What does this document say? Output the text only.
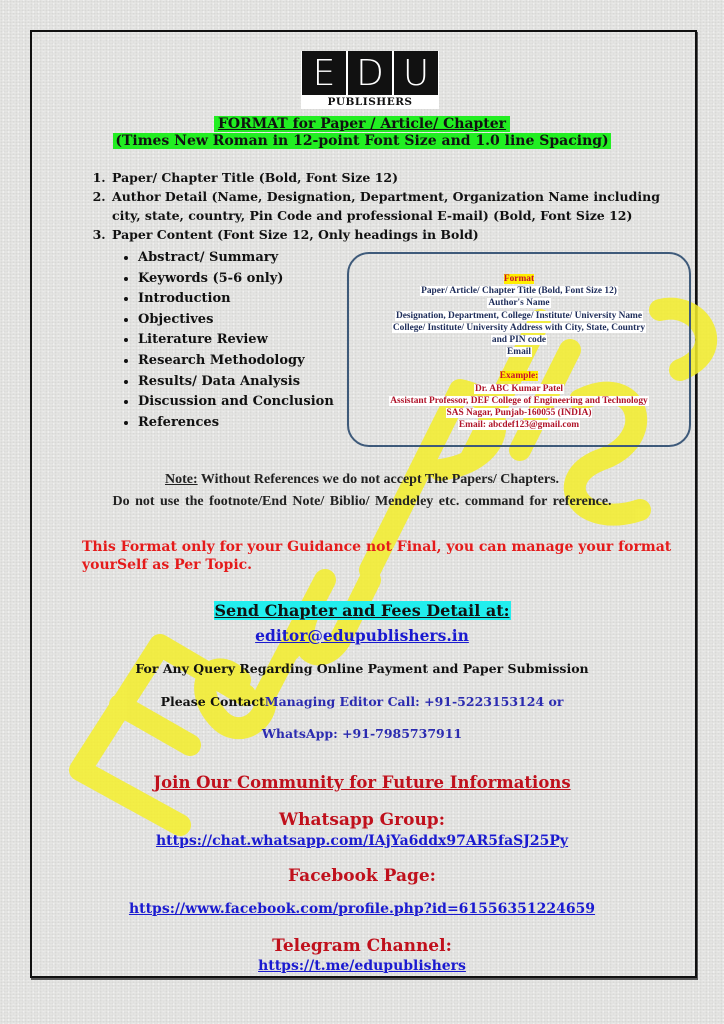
E D U
PUBLISHERS
FORMAT for Paper / Article/ Chapter
(Times New Roman in 12-point Font Size and 1.0 line Spacing)
1. Paper/ Chapter Title (Bold, Font Size 12)
2. Author Detail (Name, Designation, Department, Organization Name including city, state, country, Pin Code and professional E-mail) (Bold, Font Size 12)
3. Paper Content (Font Size 12, Only headings in Bold)
• Abstract/ Summary
• Keywords (5-6 only)
• Introduction
• Objectives
• Literature Review
• Research Methodology
• Results/ Data Analysis
• Discussion and Conclusion
• References
Format
Paper/ Article/ Chapter Title (Bold, Font Size 12)
Author's Name
Designation, Department, College/ Institute/ University Name
College/ Institute/ University Address with City, State, Country
and PIN code
Email
Example:
Dr. ABC Kumar Patel
Assistant Professor, DEF College of Engineering and Technology
SAS Nagar, Punjab-160055 (INDIA)
Email: abcdef123@gmail.com
Note: Without References we do not accept The Papers/ Chapters.
Do not use the footnote/End Note/ Biblio/ Mendeley etc. command for reference.
This Format only for your Guidance not Final, you can manage your format yourSelf as Per Topic.
Send Chapter and Fees Detail at:
editor@edupublishers.in
For Any Query Regarding Online Payment and Paper Submission
Please ContactManaging Editor Call: +91-5223153124 or
WhatsApp: +91-7985737911
Join Our Community for Future Informations
Whatsapp Group:
https://chat.whatsapp.com/IAjYa6ddx97AR5faSJ25Py
Facebook Page:
https://www.facebook.com/profile.php?id=61556351224659
Telegram Channel:
https://t.me/edupublishers
